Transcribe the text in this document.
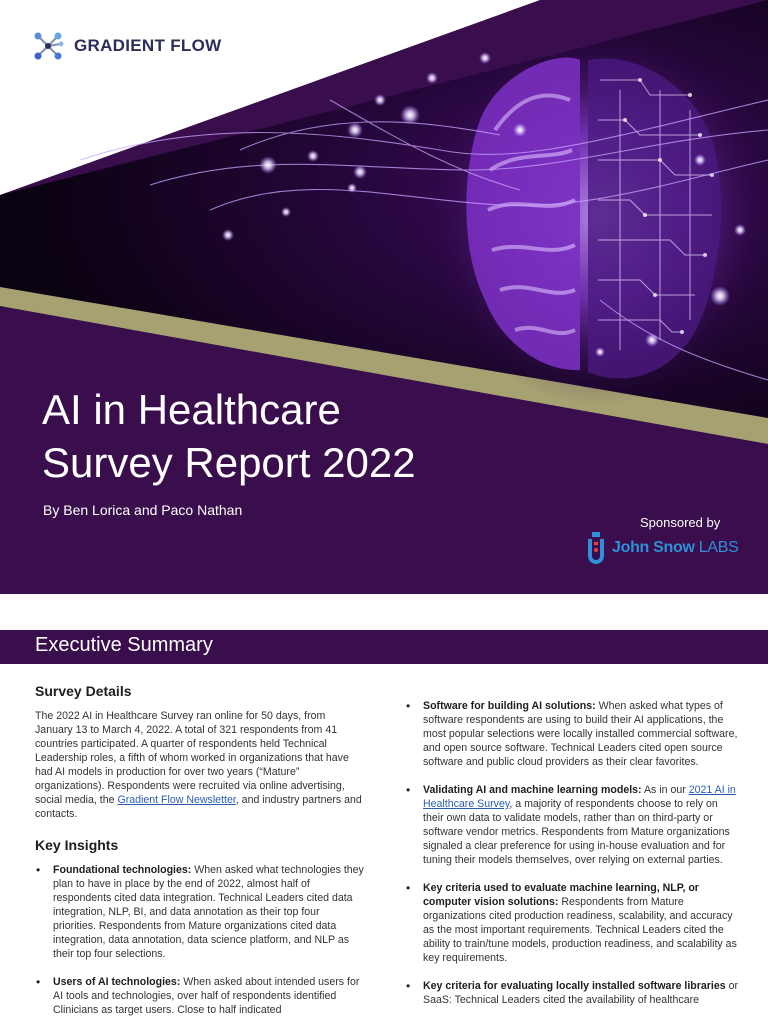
GRADIENT FLOW
AI in Healthcare
Survey Report 2022
By Ben Lorica and Paco Nathan
Sponsored by
John Snow LABS
Executive Summary
Survey Details

The 2022 AI in Healthcare Survey ran online for 50 days, from January 13 to March 4, 2022. A total of 321 respondents from 41 countries participated. A quarter of respondents held Technical Leadership roles, a fifth of whom worked in organizations that have had AI models in production for over two years (“Mature” organizations). Respondents were recruited via online advertising, social media, the Gradient Flow Newsletter, and industry partners and contacts.

Key Insights
• Foundational technologies: When asked what technologies they plan to have in place by the end of 2022, almost half of respondents cited data integration. Technical Leaders cited data integration, NLP, BI, and data annotation as their top four priorities. Respondents from Mature organizations cited data integration, data annotation, data science platform, and NLP as their top four selections.
• Users of AI technologies: When asked about intended users for AI tools and technologies, over half of respondents identified Clinicians as target users. Close to half indicated
• Software for building AI solutions: When asked what types of software respondents are using to build their AI applications, the most popular selections were locally installed commercial software, and open source software. Technical Leaders cited open source software and public cloud providers as their clear favorites.
• Validating AI and machine learning models: As in our 2021 AI in Healthcare Survey, a majority of respondents choose to rely on their own data to validate models, rather than on third-party or software vendor metrics. Respondents from Mature organizations signaled a clear preference for using in-house evaluation and for tuning their models themselves, over relying on external parties.
• Key criteria used to evaluate machine learning, NLP, or computer vision solutions: Respondents from Mature organizations cited production readiness, scalability, and accuracy as the most important requirements. Technical Leaders cited the ability to train/tune models, production readiness, and scalability as key requirements.
• Key criteria for evaluating locally installed software libraries or SaaS: Technical Leaders cited the availability of healthcare
